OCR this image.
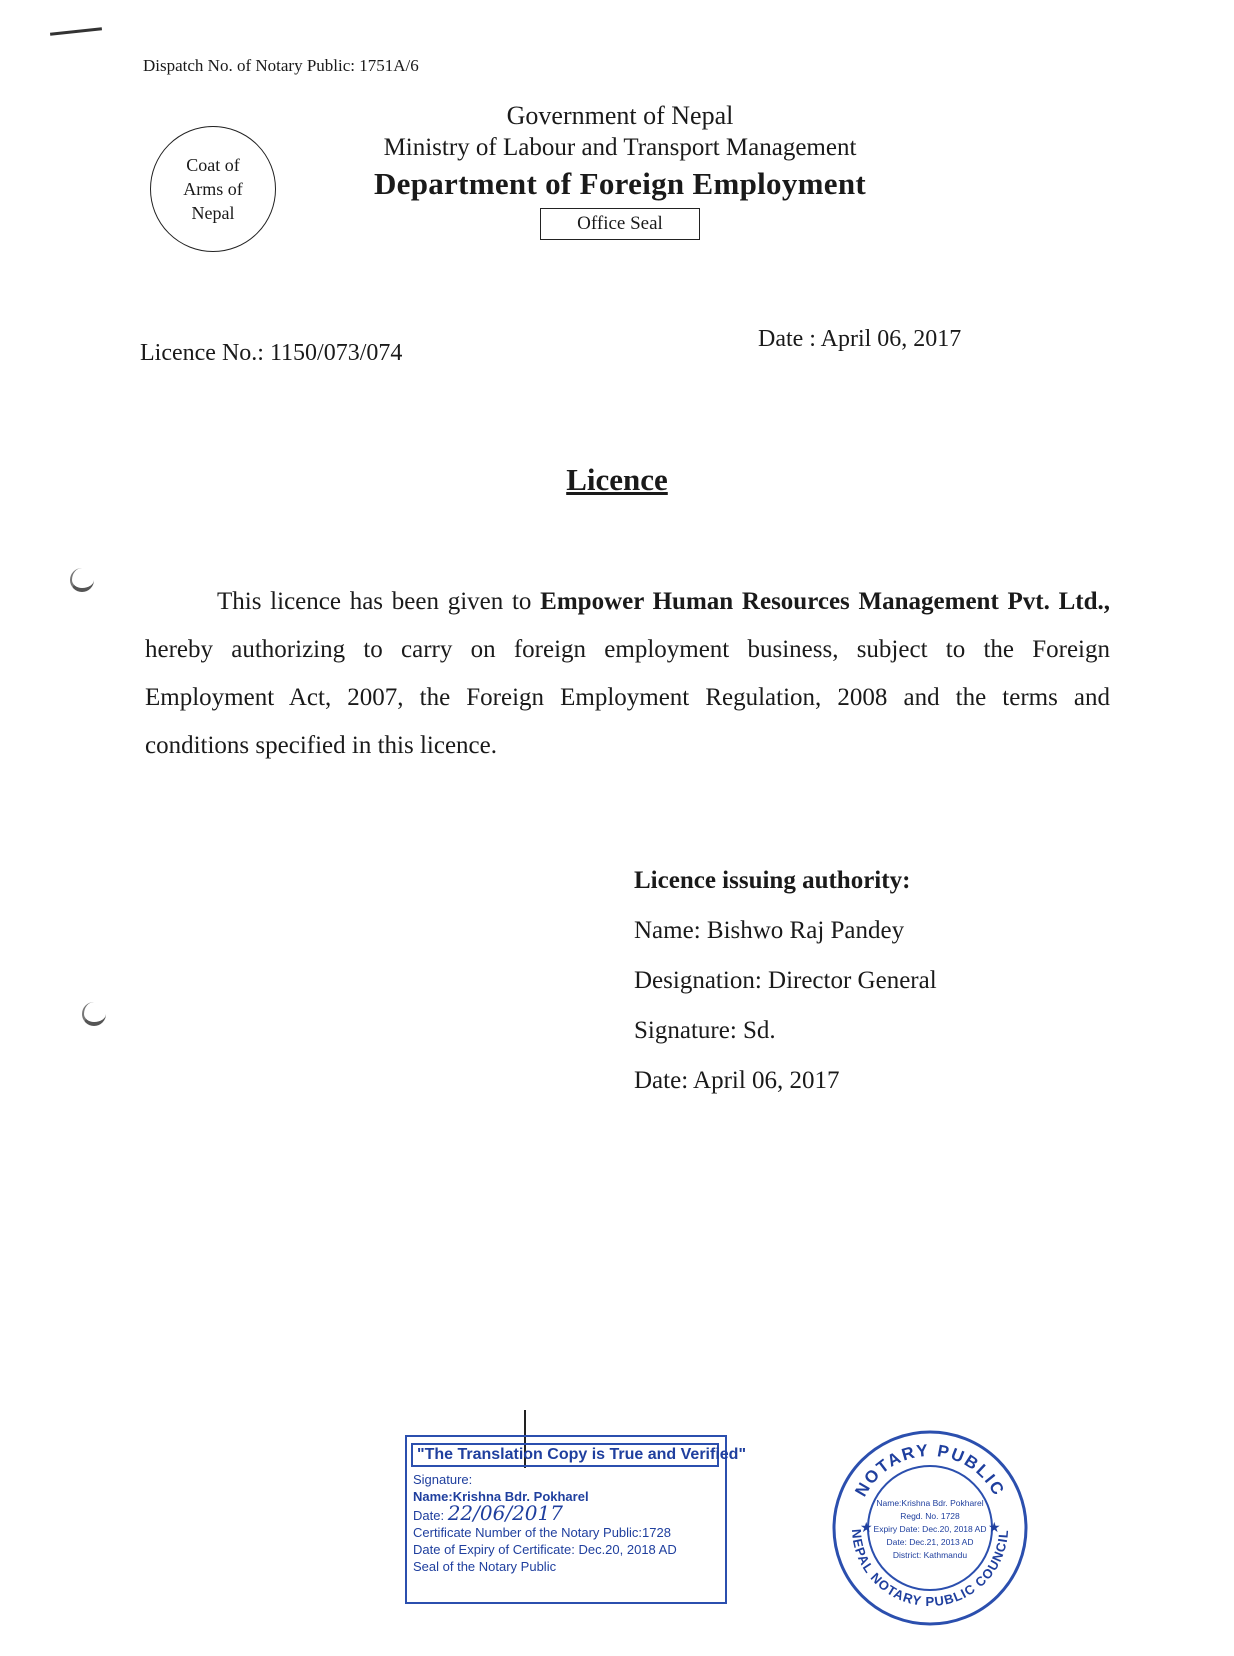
Dispatch No. of Notary Public: 1751A/6
Coat of
Arms of
Nepal
Government of Nepal
Ministry of Labour and Transport Management
Department of Foreign Employment
Office Seal
Licence No.: 1150/073/074
Date : April 06, 2017
Licence
This licence has been given to Empower Human Resources Management Pvt. Ltd., hereby authorizing to carry on foreign employment business, subject to the Foreign Employment Act, 2007, the Foreign Employment Regulation, 2008 and the terms and conditions specified in this licence.
Licence issuing authority:
Name: Bishwo Raj Pandey
Designation: Director General
Signature: Sd.
Date: April 06, 2017
"The Translation Copy is True and Verified"
Signature:
Name:Krishna Bdr. Pokharel
Date: 22/06/2017
Certificate Number of the Notary Public:1728
Date of Expiry of Certificate: Dec.20, 2018 AD
Seal of the Notary Public
NOTARY PUBLIC
NEPAL NOTARY PUBLIC COUNCIL
★	★
Name:Krishna Bdr. Pokharel
Regd. No. 1728
Expiry Date: Dec.20, 2018 AD
Date: Dec.21, 2013 AD
District: Kathmandu
